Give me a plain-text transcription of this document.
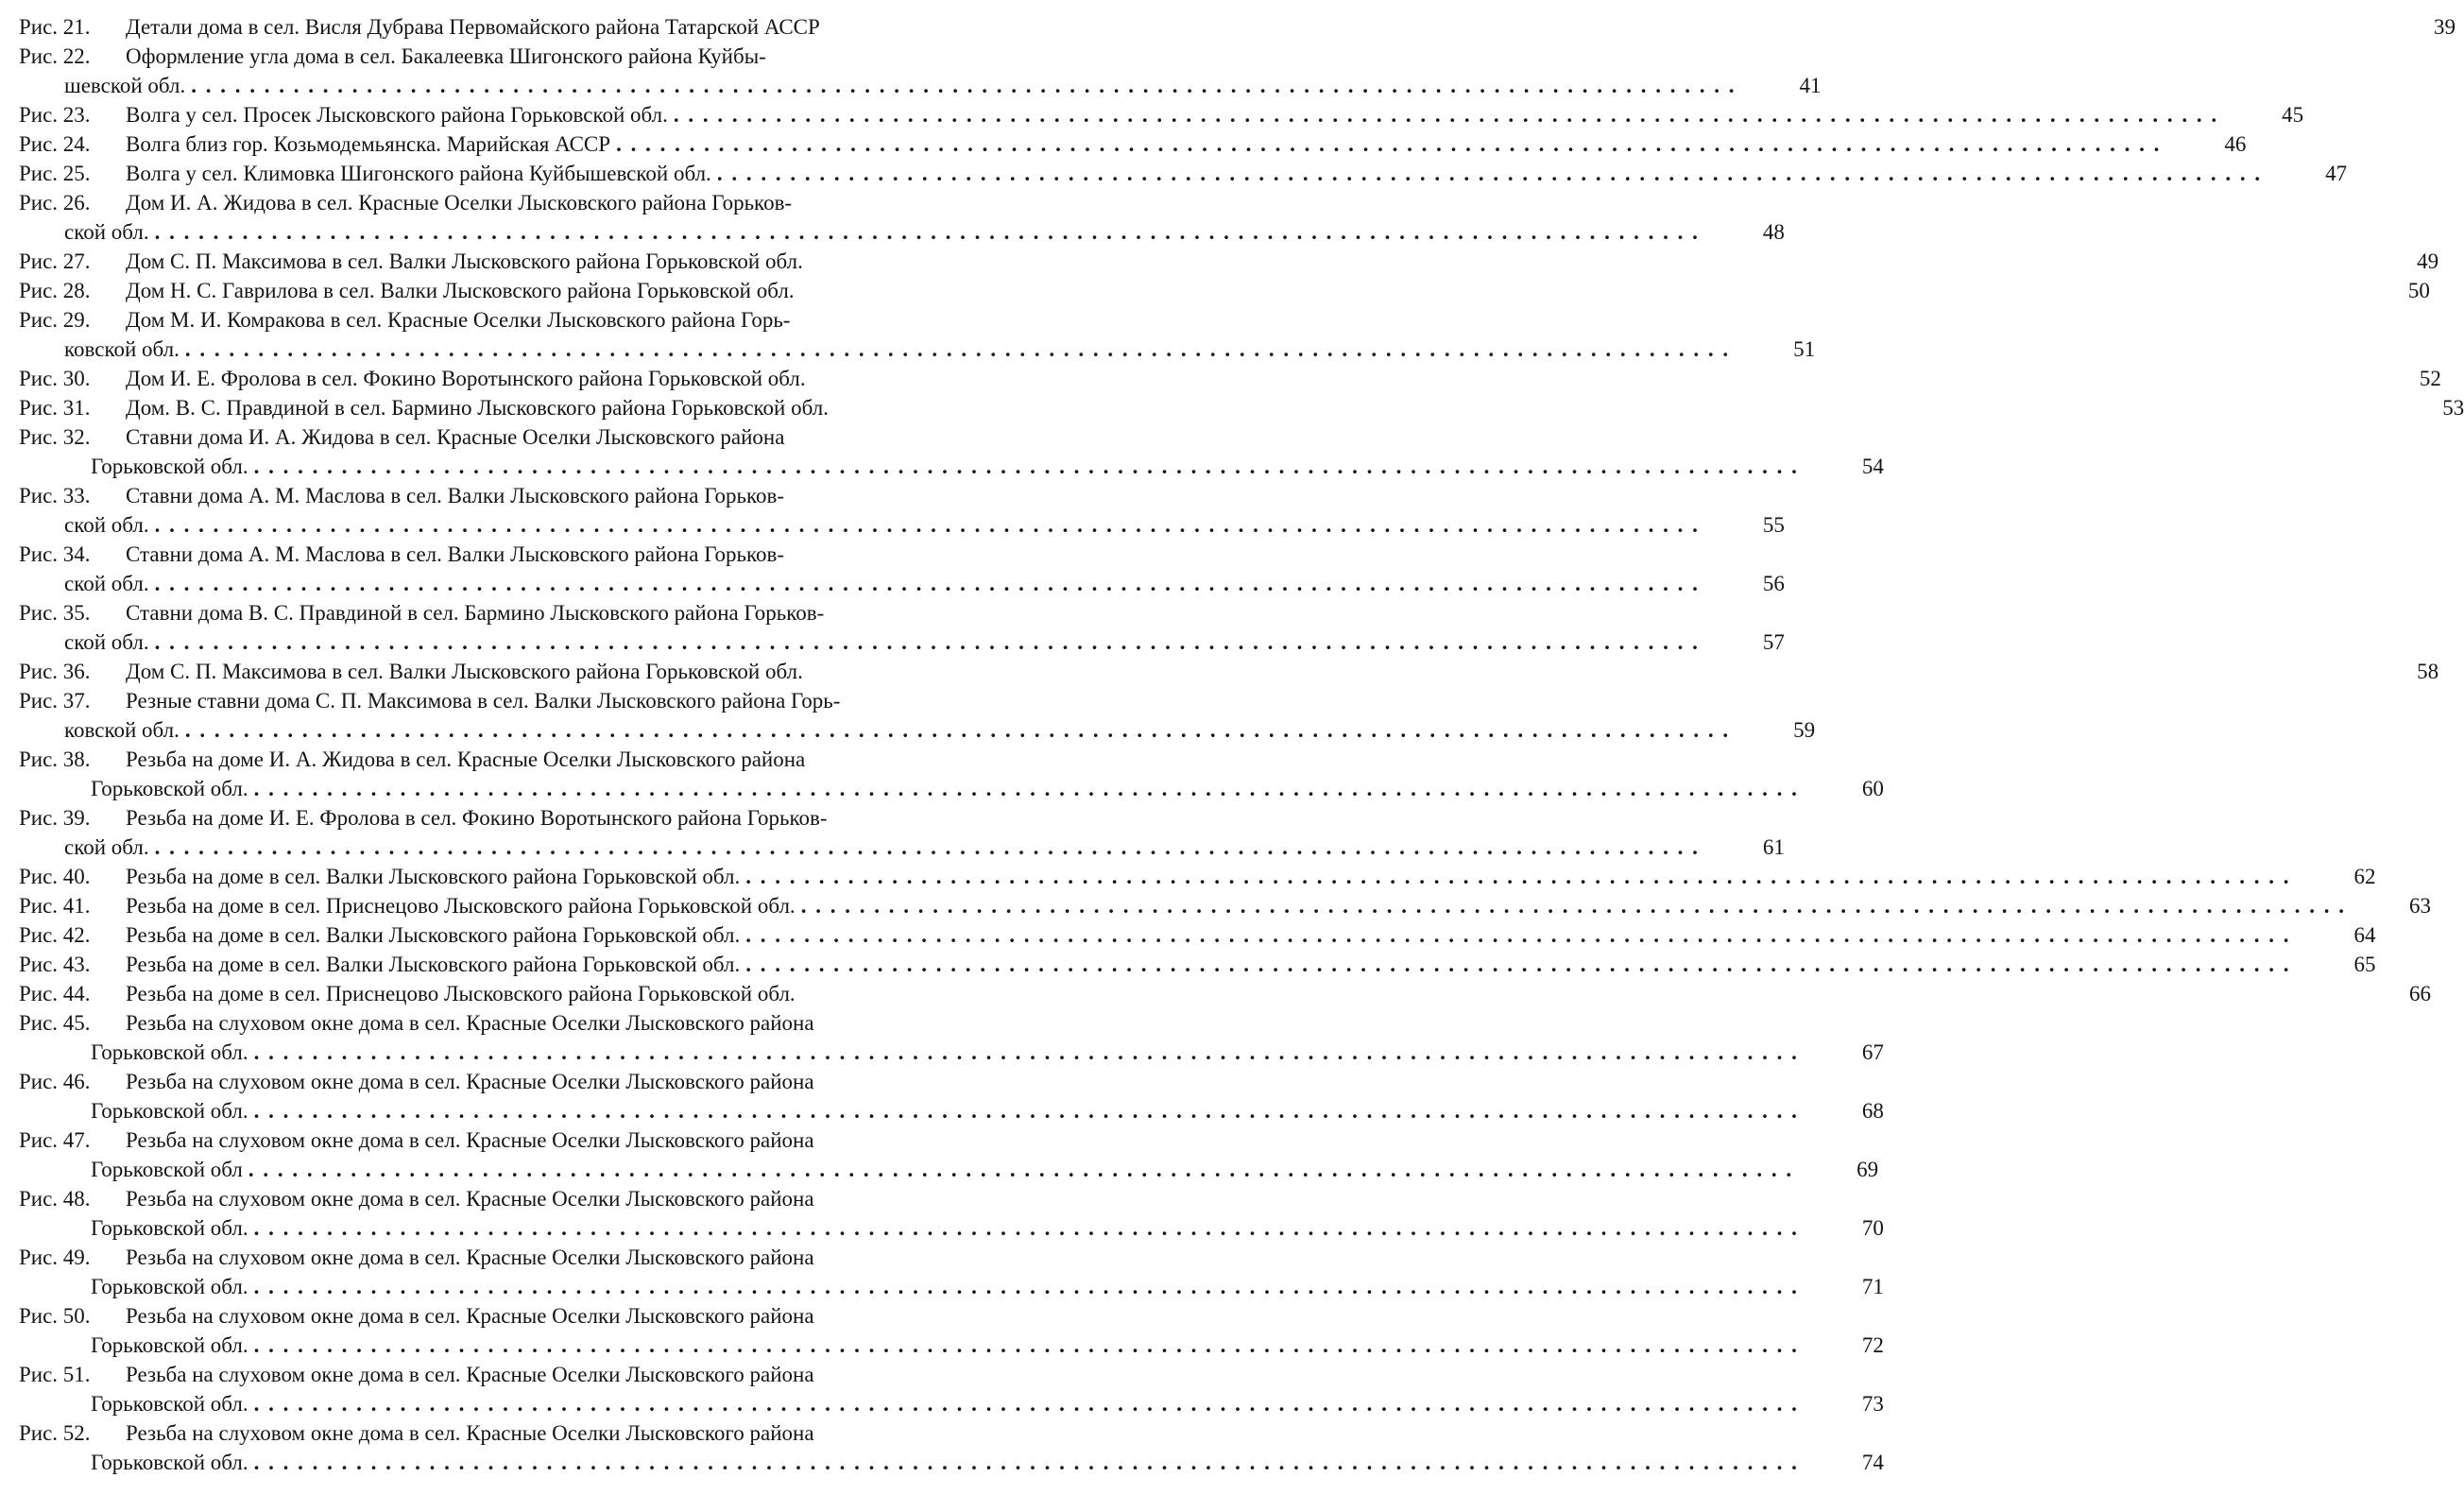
Рис. 21.	Детали дома в сел. Висля Дубрава Первомайского района Татарской АССР	39
Рис. 22.	Оформление угла дома в сел. Бакалеевка Шигонского района Куйбы-
шевской обл. . . .	41
Рис. 23.	Волга у сел. Просек Лысковского района Горьковской обл. . . .	45
Рис. 24.	Волга близ гор. Козьмодемьянска. Марийская АССР . . .	46
Рис. 25.	Волга у сел. Климовка Шигонского района Куйбышевской обл. . . .	47
Рис. 26.	Дом И. А. Жидова в сел. Красные Оселки Лысковского района Горьков-
ской обл. . . .	48
Рис. 27.	Дом С. П. Максимова в сел. Валки Лысковского района Горьковской обл.	49
Рис. 28.	Дом Н. С. Гаврилова в сел. Валки Лысковского района Горьковской обл.	50
Рис. 29.	Дом М. И. Комракова в сел. Красные Оселки Лысковского района Горь-
ковской обл. . . .	51
Рис. 30.	Дом И. Е. Фролова в сел. Фокино Воротынского района Горьковской обл.	52
Рис. 31.	Дом. В. С. Правдиной в сел. Бармино Лысковского района Горьковской обл.	53
Рис. 32.	Ставни дома И. А. Жидова в сел. Красные Оселки Лысковского района
Горьковской обл. . . .	54
Рис. 33.	Ставни дома А. М. Маслова в сел. Валки Лысковского района Горьков-
ской обл. . . .	55
Рис. 34.	Ставни дома А. М. Маслова в сел. Валки Лысковского района Горьков-
ской обл. . . .	56
Рис. 35.	Ставни дома В. С. Правдиной в сел. Бармино Лысковского района Горьков-
ской обл. . . .	57
Рис. 36.	Дом С. П. Максимова в сел. Валки Лысковского района Горьковской обл.	58
Рис. 37.	Резные ставни дома С. П. Максимова в сел. Валки Лысковского района Горь-
ковской обл. . . .	59
Рис. 38.	Резьба на доме И. А. Жидова в сел. Красные Оселки Лысковского района
Горьковской обл. . . .	60
Рис. 39.	Резьба на доме И. Е. Фролова в сел. Фокино Воротынского района Горьков-
ской обл. . . .	61
Рис. 40.	Резьба на доме в сел. Валки Лысковского района Горьковской обл. . . .	62
Рис. 41.	Резьба на доме в сел. Приснецово Лысковского района Горьковской обл. . . .	63
Рис. 42.	Резьба на доме в сел. Валки Лысковского района Горьковской обл. . . .	64
Рис. 43.	Резьба на доме в сел. Валки Лысковского района Горьковской обл. . . .	65
Рис. 44.	Резьба на доме в сел. Приснецово Лысковского района Горьковской обл.	66
Рис. 45.	Резьба на слуховом окне дома в сел. Красные Оселки Лысковского района
Горьковской обл. . . .	67
Рис. 46.	Резьба на слуховом окне дома в сел. Красные Оселки Лысковского района
Горьковской обл. . . .	68
Рис. 47.	Резьба на слуховом окне дома в сел. Красные Оселки Лысковского района
Горьковской обл . . .	69
Рис. 48.	Резьба на слуховом окне дома в сел. Красные Оселки Лысковского района
Горьковской обл. . . .	70
Рис. 49.	Резьба на слуховом окне дома в сел. Красные Оселки Лысковского района
Горьковской обл. . . .	71
Рис. 50.	Резьба на слуховом окне дома в сел. Красные Оселки Лысковского района
Горьковской обл. . . .	72
Рис. 51.	Резьба на слуховом окне дома в сел. Красные Оселки Лысковского района
Горьковской обл. . . .	73
Рис. 52.	Резьба на слуховом окне дома в сел. Красные Оселки Лысковского района
Горьковской обл. . . .	74
